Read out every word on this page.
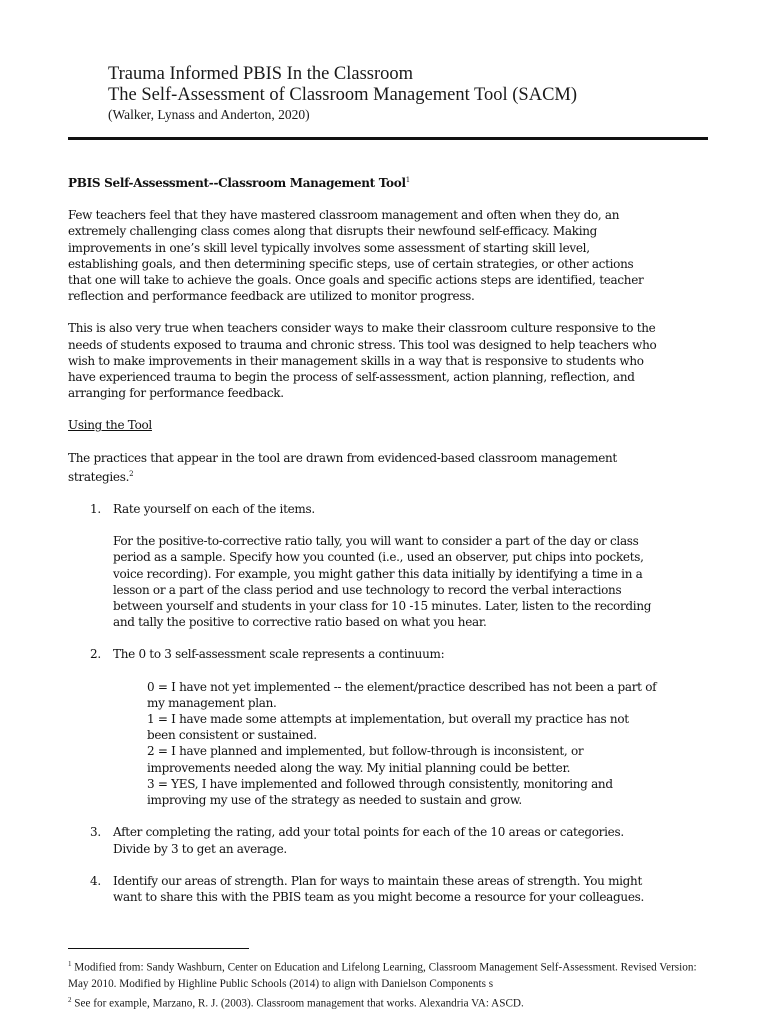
Trauma Informed PBIS In the Classroom
The Self-Assessment of Classroom Management Tool (SACM)
(Walker, Lynass and Anderton, 2020)
PBIS Self-Assessment--Classroom Management Tool$^1$

Few teachers feel that they have mastered classroom management and often when they do, an extremely challenging class comes along that disrupts their newfound self-efficacy. Making improvements in one’s skill level typically involves some assessment of starting skill level, establishing goals, and then determining specific steps, use of certain strategies, or other actions that one will take to achieve the goals. Once goals and specific actions steps are identified, teacher reflection and performance feedback are utilized to monitor progress.

This is also very true when teachers consider ways to make their classroom culture responsive to the needs of students exposed to trauma and chronic stress. This tool was designed to help teachers who wish to make improvements in their management skills in a way that is responsive to students who have experienced trauma to begin the process of self-assessment, action planning, reflection, and arranging for performance feedback.

Using the Tool

The practices that appear in the tool are drawn from evidenced-based classroom management strategies.$^2$

1. Rate yourself on each of the items.
For the positive-to-corrective ratio tally, you will want to consider a part of the day or class period as a sample. Specify how you counted (i.e., used an observer, put chips into pockets, voice recording). For example, you might gather this data initially by identifying a time in a lesson or a part of the class period and use technology to record the verbal interactions between yourself and students in your class for 10 -15 minutes. Later, listen to the recording and tally the positive to corrective ratio based on what you hear.
2. The 0 to 3 self-assessment scale represents a continuum:
0 = I have not yet implemented -- the element/practice described has not been a part of my management plan.
1 = I have made some attempts at implementation, but overall my practice has not been consistent or sustained.
2 = I have planned and implemented, but follow-through is inconsistent, or improvements needed along the way. My initial planning could be better.
3 = YES, I have implemented and followed through consistently, monitoring and improving my use of the strategy as needed to sustain and grow.
3. After completing the rating, add your total points for each of the 10 areas or categories. Divide by 3 to get an average.
4. Identify our areas of strength. Plan for ways to maintain these areas of strength. You might want to share this with the PBIS team as you might become a resource for your colleagues.
$^1$ Modified from: Sandy Washburn, Center on Education and Lifelong Learning, Classroom Management Self-Assessment. Revised Version: May 2010. Modified by Highline Public Schools (2014) to align with Danielson Components s
$^2$ See for example, Marzano, R. J. (2003). Classroom management that works. Alexandria VA: ASCD.
